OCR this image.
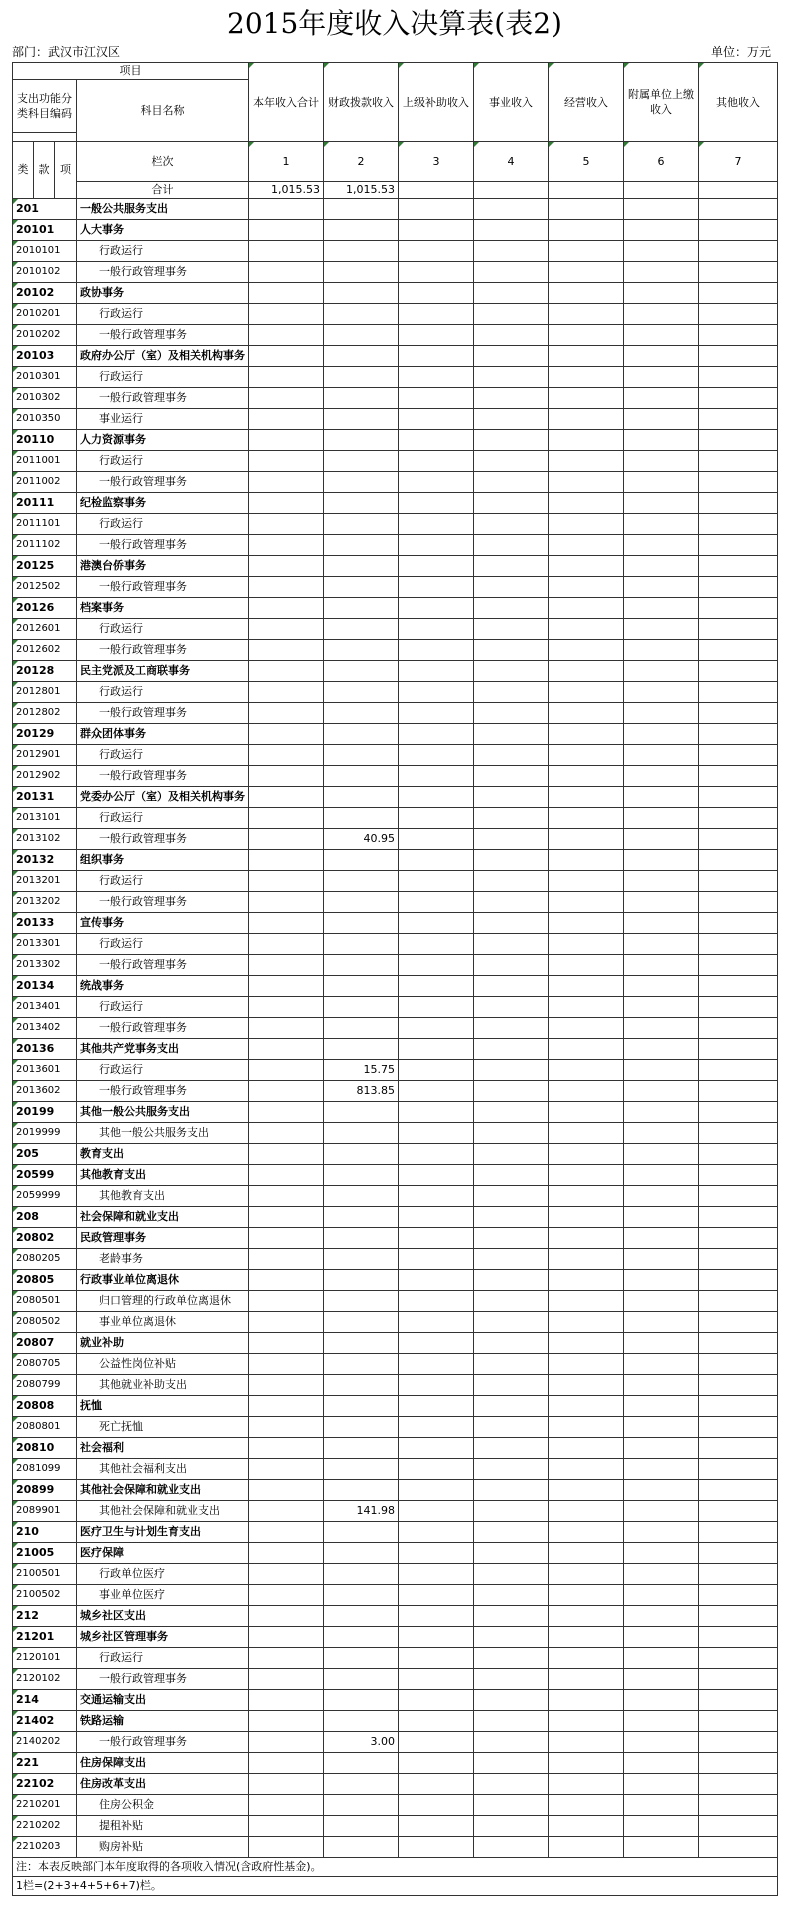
2015年度收入决算表(表2)
部门：武汉市江汉区	单位：万元
项目				本年收入合计	财政拨款收入	上级补助收入	事业收入	经营收入	附属单位上缴收入	其他收入
支出功能分类科目编码			科目名称							

类	款	项	栏次	1	2	3	4	5	6	7
			合计	1,015.53	1,015.53					
201			一般公共服务支出							
20101			人大事务							
2010101			行政运行							
2010102			一般行政管理事务							
20102			政协事务							
2010201			行政运行							
2010202			一般行政管理事务							
20103			政府办公厅（室）及相关机构事务							
2010301			行政运行							
2010302			一般行政管理事务							
2010350			事业运行							
20110			人力资源事务							
2011001			行政运行							
2011002			一般行政管理事务							
20111			纪检监察事务							
2011101			行政运行							
2011102			一般行政管理事务							
20125			港澳台侨事务							
2012502			一般行政管理事务							
20126			档案事务							
2012601			行政运行							
2012602			一般行政管理事务							
20128			民主党派及工商联事务							
2012801			行政运行							
2012802			一般行政管理事务							
20129			群众团体事务							
2012901			行政运行							
2012902			一般行政管理事务							
20131			党委办公厅（室）及相关机构事务							
2013101			行政运行							
2013102			一般行政管理事务		40.95					
20132			组织事务							
2013201			行政运行							
2013202			一般行政管理事务							
20133			宣传事务							
2013301			行政运行							
2013302			一般行政管理事务							
20134			统战事务							
2013401			行政运行							
2013402			一般行政管理事务							
20136			其他共产党事务支出							
2013601			行政运行		15.75					
2013602			一般行政管理事务		813.85					
20199			其他一般公共服务支出							
2019999			其他一般公共服务支出							
205			教育支出							
20599			其他教育支出							
2059999			其他教育支出							
208			社会保障和就业支出							
20802			民政管理事务							
2080205			老龄事务							
20805			行政事业单位离退休							
2080501			归口管理的行政单位离退休							
2080502			事业单位离退休							
20807			就业补助							
2080705			公益性岗位补贴							
2080799			其他就业补助支出							
20808			抚恤							
2080801			死亡抚恤							
20810			社会福利							
2081099			其他社会福利支出							
20899			其他社会保障和就业支出							
2089901			其他社会保障和就业支出		141.98					
210			医疗卫生与计划生育支出							
21005			医疗保障							
2100501			行政单位医疗							
2100502			事业单位医疗							
212			城乡社区支出							
21201			城乡社区管理事务							
2120101			行政运行							
2120102			一般行政管理事务							
214			交通运输支出							
21402			铁路运输							
2140202			一般行政管理事务		3.00					
221			住房保障支出							
22102			住房改革支出							
2210201			住房公积金							
2210202			提租补贴							
2210203			购房补贴							
注：本表反映部门本年度取得的各项收入情况(含政府性基金)。										
1栏=(2+3+4+5+6+7)栏。										
